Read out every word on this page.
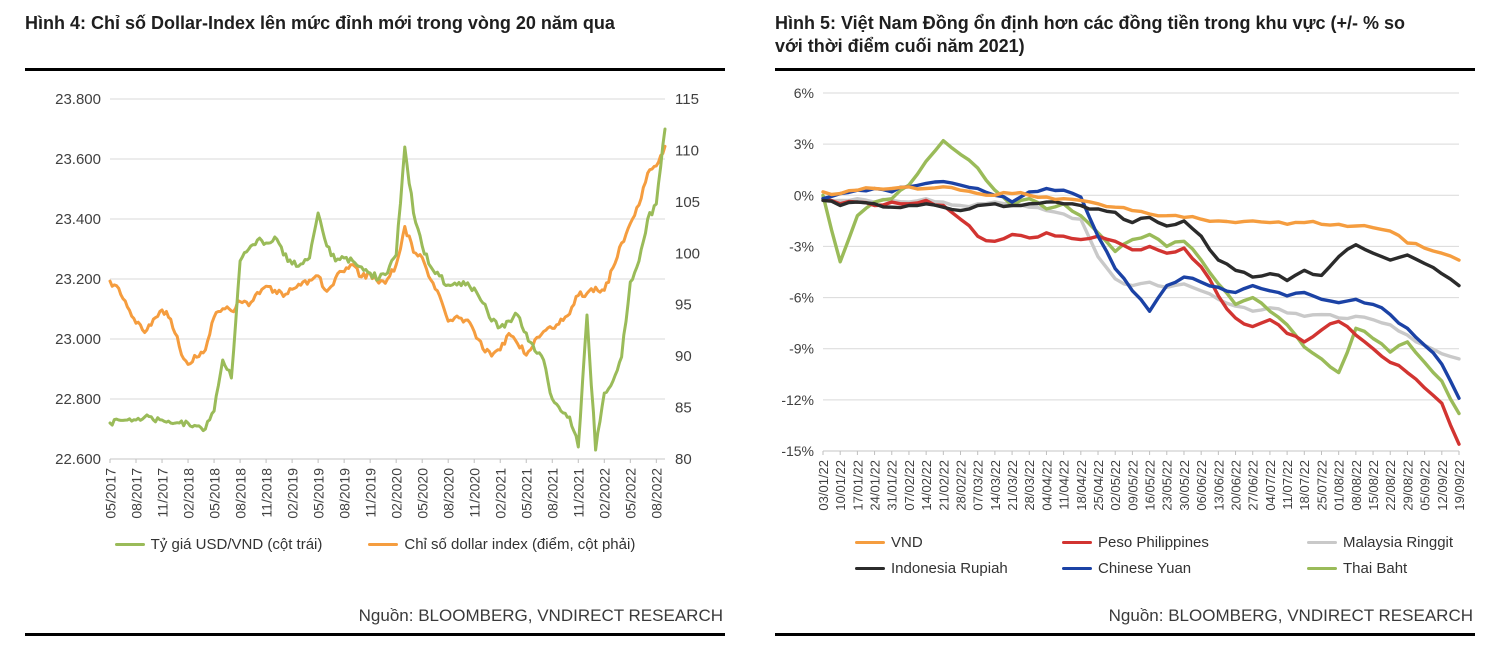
Hình 4: Chỉ số Dollar-Index lên mức đỉnh mới trong vòng 20 năm qua
23.800
23.600
23.400
23.200
23.000
22.800
22.600
115
110
105
100
95
90
85
80
05/2017 08/2017 11/2017 02/2018 05/2018 08/2018 11/2018 02/2019 05/2019 08/2019 11/2019 02/2020 05/2020 08/2020 11/2020 02/2021 05/2021 08/2021 11/2021 02/2022 05/2022 08/2022
Tỷ giá USD/VND (cột trái)	Chỉ số dollar index (điểm, cột phải)
Nguồn: BLOOMBERG, VNDIRECT RESEARCH
Hình 5: Việt Nam Đồng ổn định hơn các đồng tiền trong khu vực (+/- % so với thời điểm cuối năm 2021)
6%
3%
0%
-3%
-6%
-9%
-12%
-15%
03/01/22 10/01/22 17/01/22 24/01/22 31/01/22 07/02/22 14/02/22 21/02/22 28/02/22 07/03/22 14/03/22 21/03/22 28/03/22 04/04/22 11/04/22 18/04/22 25/04/22 02/05/22 09/05/22 16/05/22 23/05/22 30/05/22 06/06/22 13/06/22 20/06/22 27/06/22 04/07/22 11/07/22 18/07/22 25/07/22 01/08/22 08/08/22 15/08/22 22/08/22 29/08/22 05/09/22 12/09/22 19/09/22
VND	Peso Philippines	Malaysia Ringgit
Indonesia Rupiah	Chinese Yuan	Thai Baht
Nguồn: BLOOMBERG, VNDIRECT RESEARCH
